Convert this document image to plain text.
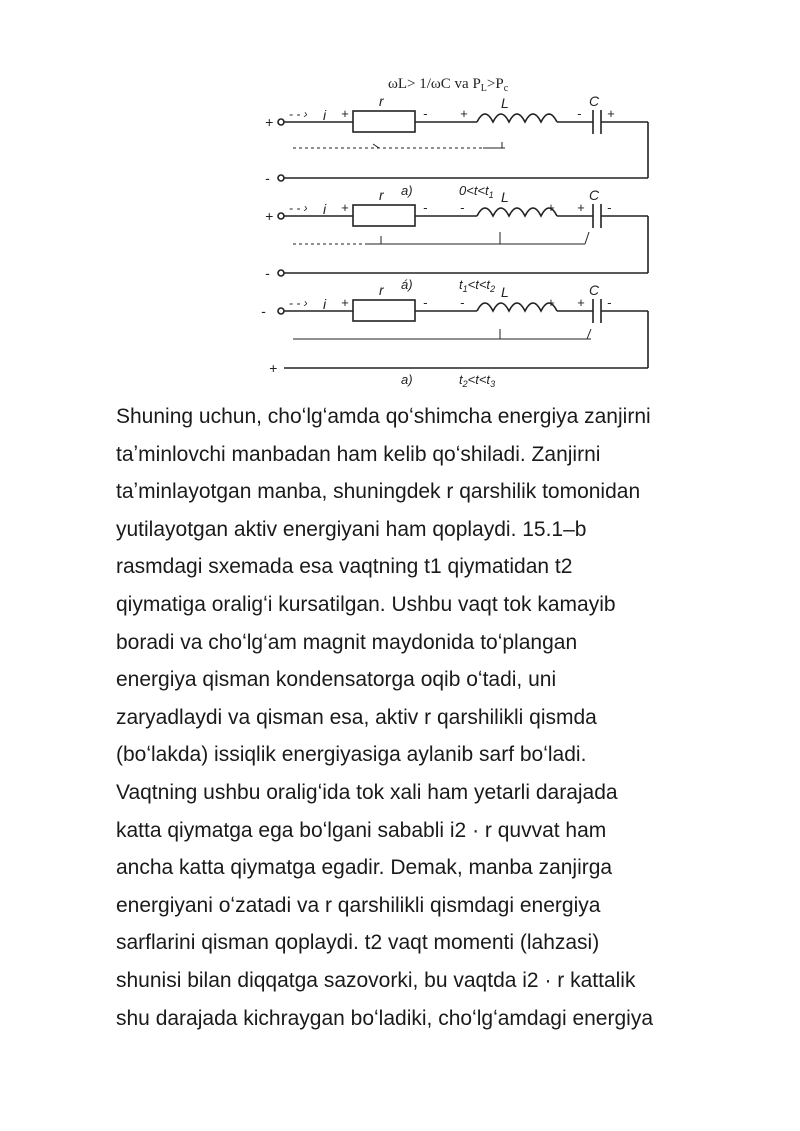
ωL> 1/ωC va $P_L>P_c$
+
-
- - › i
r	L	C
+	-	+	- - +
a)	$0<t<t_1$
+
-
- - › i
r	L	C
+	-	-	+ + -
á)	$t_1<t<t_2$
-
+
- - › i
r	L	C
+	-	-	+ + -
a)	$t_2<t<t_3$

Shuning uchun, choʻlgʻamda qoʻshimcha energiya zanjirni
taʼminlovchi manbadan ham kelib qoʻshiladi. Zanjirni
taʼminlayotgan manba, shuningdek r qarshilik tomonidan
yutilayotgan aktiv energiyani ham qoplaydi. 15.1–b
rasmdagi sxemada esa vaqtning t1 qiymatidan t2
qiymatiga oraligʻi kursatilgan. Ushbu vaqt tok kamayib
boradi va choʻlgʻam magnit maydonida toʻplangan
energiya qisman kondensatorga oqib oʻtadi, uni
zaryadlaydi va qisman esa, aktiv r qarshilikli qismda
(boʻlakda) issiqlik energiyasiga aylanib sarf boʻladi.
Vaqtning ushbu oraligʻida tok xali ham yetarli darajada
katta qiymatga ega boʻlgani sababli i2 · r quvvat ham
ancha katta qiymatga egadir. Demak, manba zanjirga
energiyani oʻzatadi va r qarshilikli qismdagi energiya
sarflarini qisman qoplaydi. t2 vaqt momenti (lahzasi)
shunisi bilan diqqatga sazovorki, bu vaqtda i2 · r kattalik
shu darajada kichraygan boʻladiki, choʻlgʻamdagi energiya
